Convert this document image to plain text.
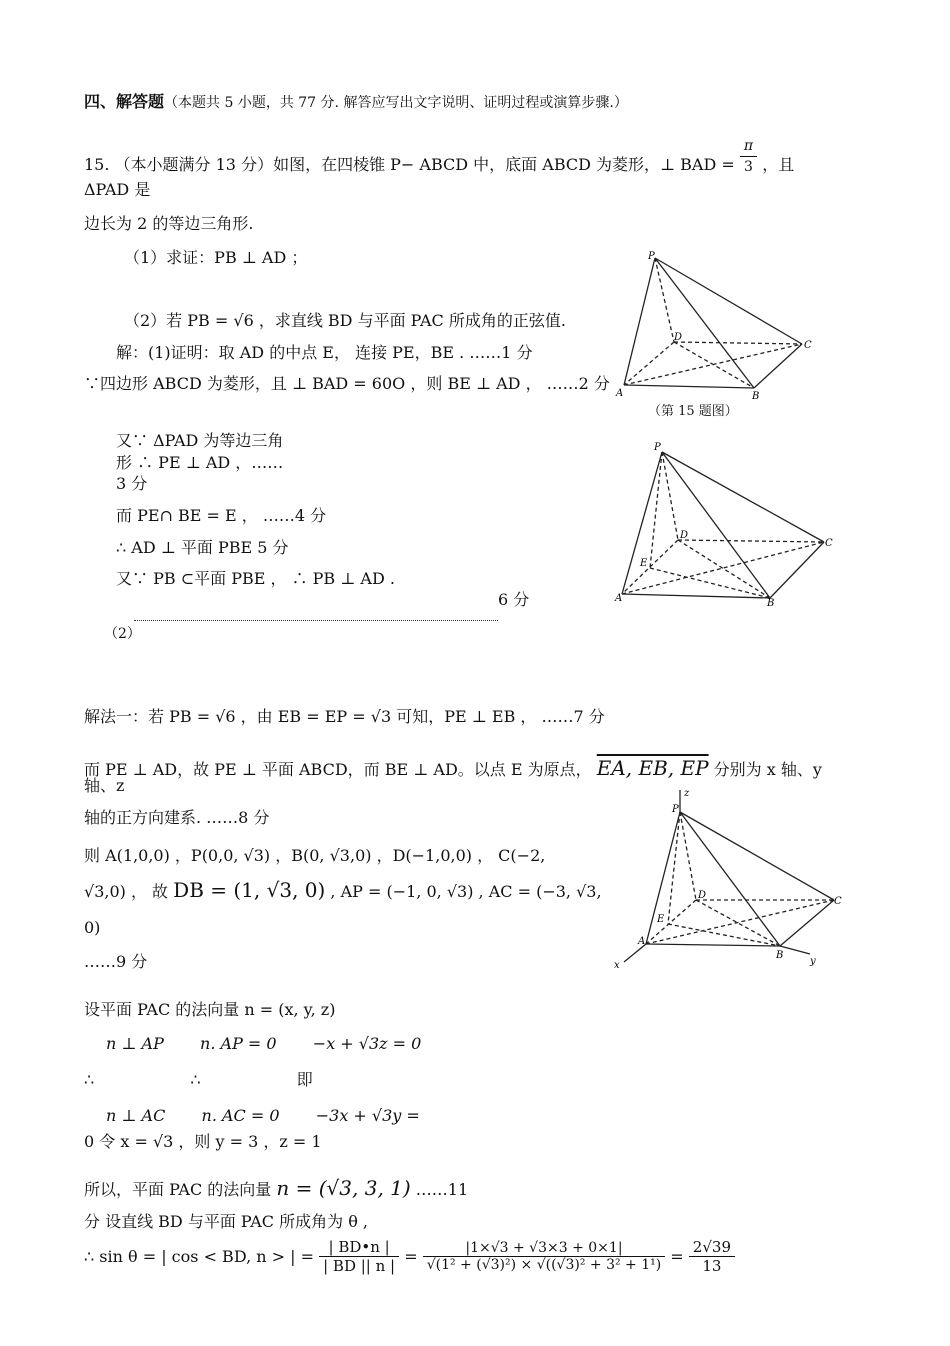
四、解答题（本题共 5 小题，共 77 分. 解答应写出文字说明、证明过程或演算步骤.）
15. （本小题满分 13 分）如图，在四棱锥 P− ABCD 中，底面 ABCD 为菱形，⊥ BAD = $\frac{\pi}{3}$ ，且
ΔPAD 是
边长为 2 的等边三角形.
（1）求证：PB ⊥ AD ；
（2）若 PB = √6 ，求直线 BD 与平面 PAC 所成角的正弦值.
解：(1)证明：取 AD 的中点 E， 连接 PE，BE . ……1 分
∵四边形 ABCD 为菱形，且 ⊥ BAD = 60O ，则 BE ⊥ AD ， ……2 分
又∵ ΔPAD 为等边三角
形 ∴ PE ⊥ AD ，……
3 分
而 PE∩ BE = E ， ……4 分
∴ AD ⊥ 平面 PBE 5 分
又∵ PB ⊂平面 PBE ， ∴ PB ⊥ AD .
6 分
（2）
P
A	B
C
D
（第 15 题图）
P
A	B
C
D
E
解法一：若 PB = √6 ，由 EB = EP = √3 可知，PE ⊥ EB ， ……7 分
而 PE ⊥ AD，故 PE ⊥ 平面 ABCD，而 BE ⊥ AD。以点 E 为原点， EA, EB, EP 分别为 x 轴、y
轴、z
轴的正方向建系. ……8 分
则 A(1,0,0) ，P(0,0, √3) ，B(0, √3,0) ，D(−1,0,0) ， C(−2,
√3,0) ， 故 DB = (1, √3, 0) , AP = (−1, 0, √3) , AC = (−3, √3,
0)
……9 分
z
P
A
B
C
D
E
x	y
设平面 PAC 的法向量 n = (x, y, z)
n ⊥ AP n. AP = 0 −x + √3z = 0
∴	∴	即
n ⊥ AC n. AC = 0 −3x + √3y =
0 令 x = √3 ，则 y = 3 ，z = 1
所以，平面 PAC 的法向量 n = (√3, 3, 1) ……11
分 设直线 BD 与平面 PAC 所成角为 θ ,
∴ sin θ = | cos < BD, n > | = $\frac{| BD•n |}{| BD || n |} = \frac{|1\times√3 + √3\times 3 + 0\times 1|}{\text{√(1² + (√3)²) × √((√3)² + 3² + 1¹)}} = \frac{2√39}{13}$
